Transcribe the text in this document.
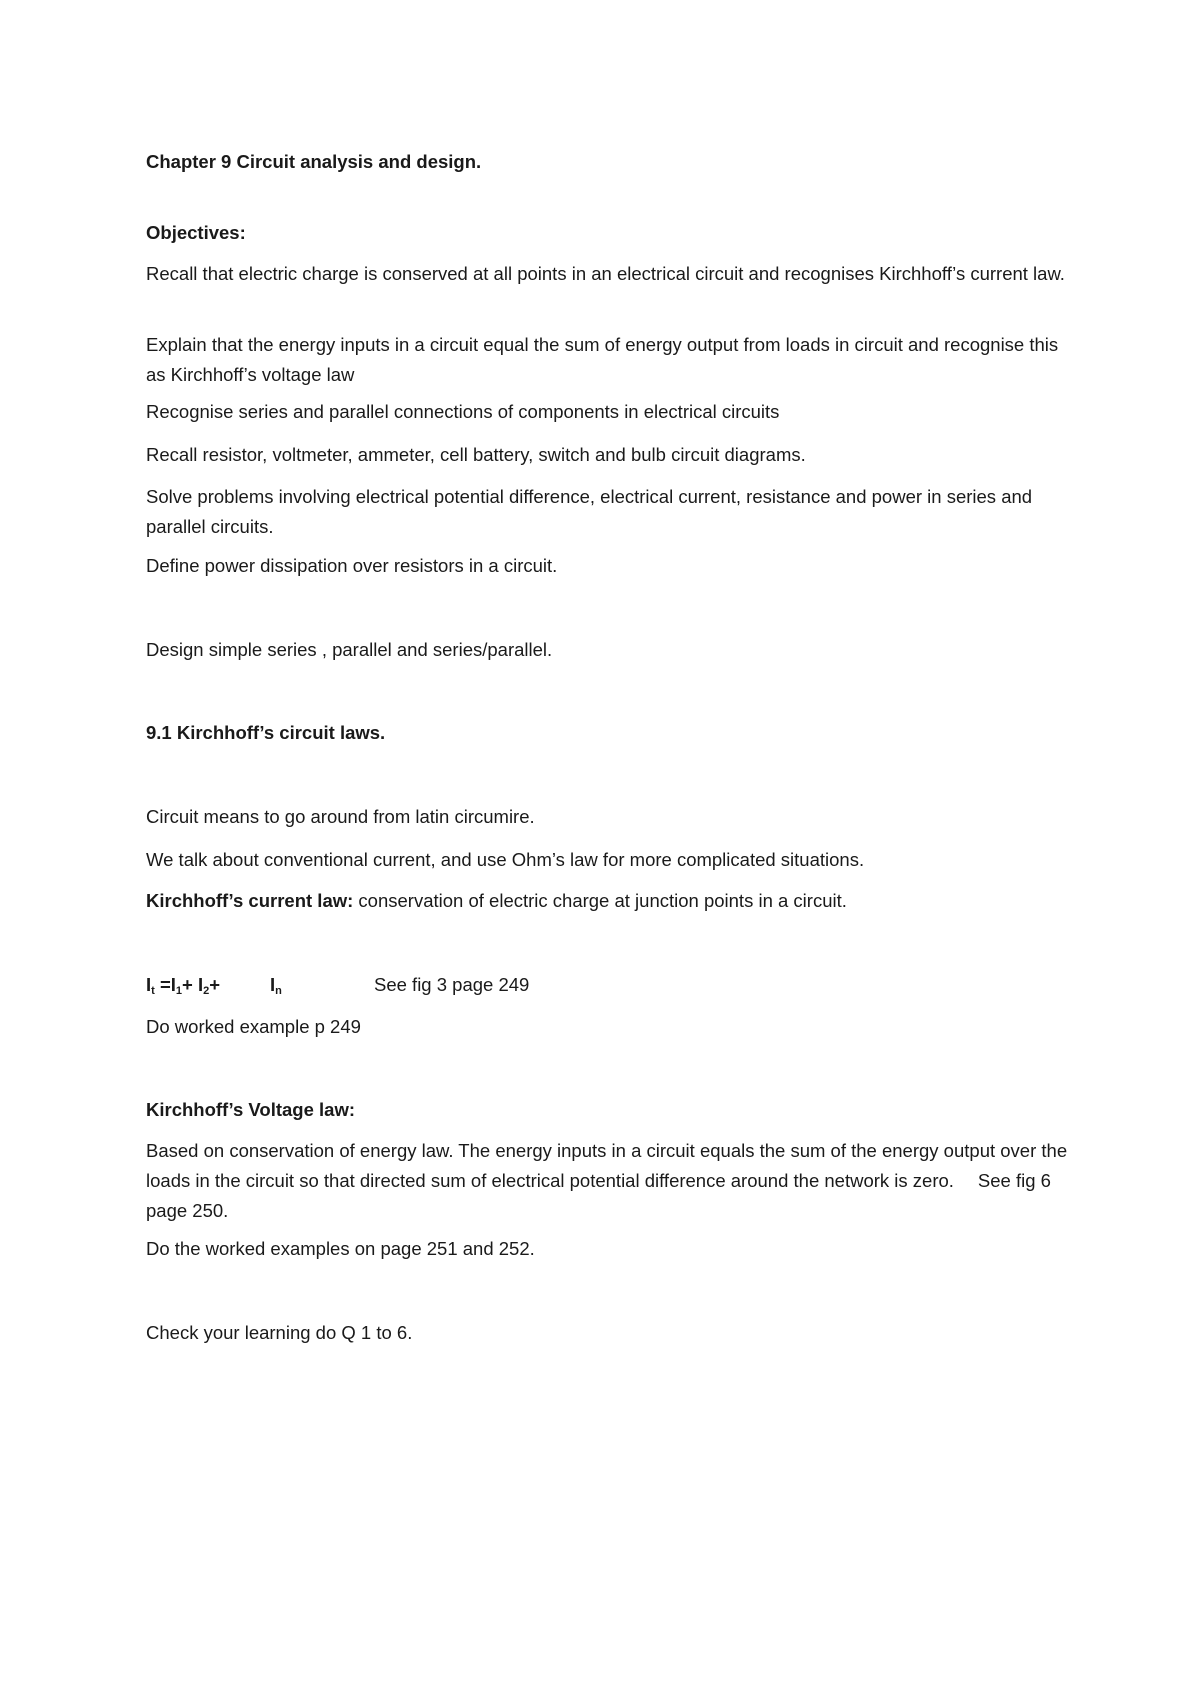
Chapter 9 Circuit analysis and design.
Objectives:
Recall that electric charge is conserved at all points in an electrical circuit and recognises Kirchhoff’s current law.
Explain that the energy inputs in a circuit equal the sum of energy output from loads in circuit and recognise this as Kirchhoff’s voltage law
Recognise series and parallel connections of components in electrical circuits
Recall resistor, voltmeter, ammeter, cell battery, switch and bulb circuit diagrams.
Solve problems involving electrical potential difference, electrical current, resistance and power in series and parallel circuits.
Define power dissipation over resistors in a circuit.
Design simple series , parallel and series/parallel.
9.1 Kirchhoff’s circuit laws.
Circuit means to go around from latin circumire.
We talk about conventional current, and use Ohm’s law for more complicated situations.
Kirchhoff’s current law: conservation of electric charge at junction points in a circuit.
$I_t =I_1+ I_2+$	$I_n$	See fig 3 page 249
Do worked example p 249
Kirchhoff’s Voltage law:
Based on conservation of energy law. The energy inputs in a circuit equals the sum of the energy output over the loads in the circuit so that directed sum of electrical potential difference around the network is zero. See fig 6 page 250.
Do the worked examples on page 251 and 252.
Check your learning do Q 1 to 6.
